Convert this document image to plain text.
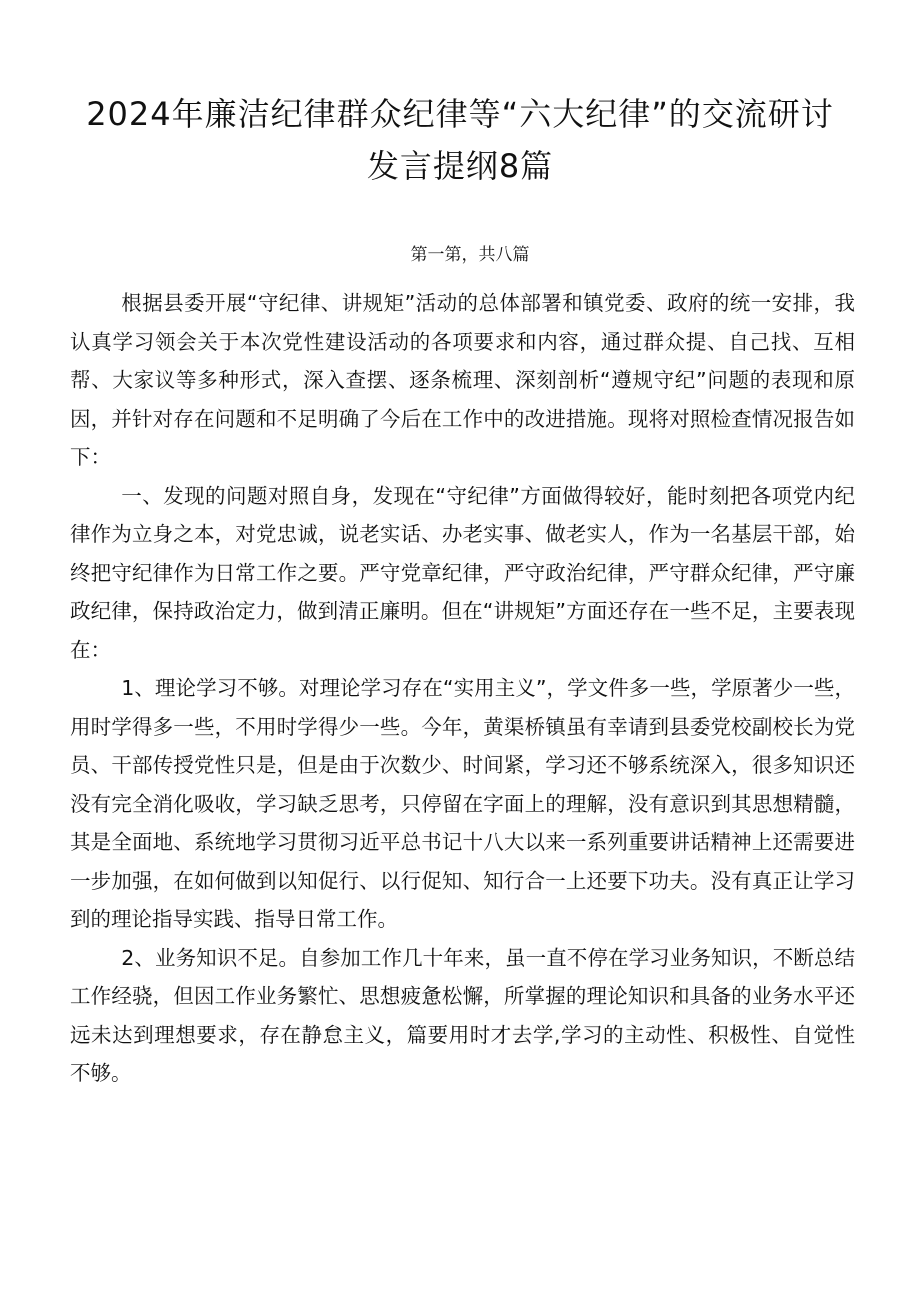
2024年廉洁纪律群众纪律等“六大纪律”的交流研讨发言提纲8篇
第一第，共八篇

根据县委开展“守纪律、讲规矩”活动的总体部署和镇党委、政府的统一安排，我认真学习领会关于本次党性建设活动的各项要求和内容，通过群众提、自己找、互相帮、大家议等多种形式，深入查摆、逐条梳理、深刻剖析“遵规守纪”问题的表现和原因，并针对存在问题和不足明确了今后在工作中的改进措施。现将对照检查情况报告如下：

一、发现的问题对照自身，发现在“守纪律”方面做得较好，能时刻把各项党内纪律作为立身之本，对党忠诚，说老实话、办老实事、做老实人，作为一名基层干部，始终把守纪律作为日常工作之要。严守党章纪律，严守政治纪律，严守群众纪律，严守廉政纪律，保持政治定力，做到清正廉明。但在“讲规矩”方面还存在一些不足，主要表现在：

1、理论学习不够。对理论学习存在“实用主义”，学文件多一些，学原著少一些，用时学得多一些，不用时学得少一些。今年，黄渠桥镇虽有幸请到县委党校副校长为党员、干部传授党性只是，但是由于次数少、时间紧，学习还不够系统深入，很多知识还没有完全消化吸收，学习缺乏思考，只停留在字面上的理解，没有意识到其思想精髓，其是全面地、系统地学习贯彻习近平总书记十八大以来一系列重要讲话精神上还需要进一步加强，在如何做到以知促行、以行促知、知行合一上还要下功夫。没有真正让学习到的理论指导实践、指导日常工作。

2、业务知识不足。自参加工作几十年来，虽一直不停在学习业务知识，不断总结工作经骁，但因工作业务繁忙、思想疲惫松懈，所掌握的理论知识和具备的业务水平还远未达到理想要求，存在静怠主义，篇要用时才去学,学习的主动性、积极性、自觉性不够。
